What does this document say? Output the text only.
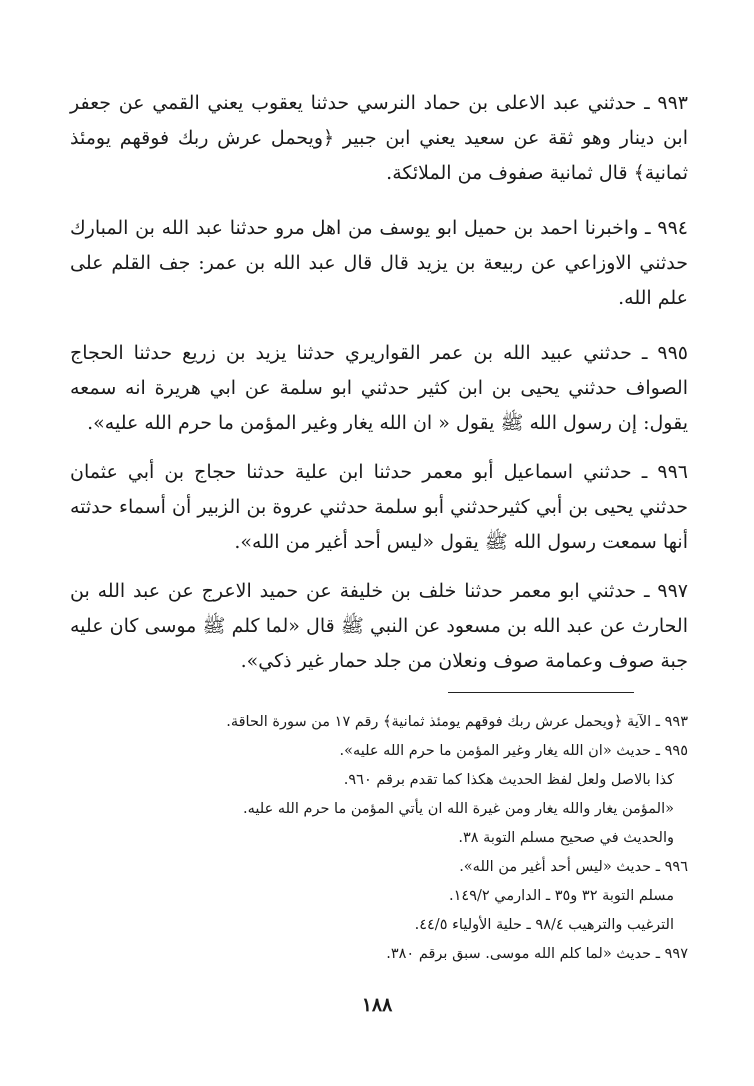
٩٩٣ ـ حدثني عبد الاعلى بن حماد النرسي حدثنا يعقوب يعني القمي عن جعفر ابن دينار وهو ثقة عن سعيد يعني ابن جبير ﴿ويحمل عرش ربك فوقهم يومئذ ثمانية﴾ قال ثمانية صفوف من الملائكة.

٩٩٤ ـ واخبرنا احمد بن حميل ابو يوسف من اهل مرو حدثنا عبد الله بن المبارك حدثني الاوزاعي عن ربيعة بن يزيد قال قال عبد الله بن عمر: جف القلم على علم الله.

٩٩٥ ـ حدثني عبيد الله بن عمر القواريري حدثنا يزيد بن زريع حدثنا الحجاج الصواف حدثني يحيى بن ابن كثير حدثني ابو سلمة عن ابي هريرة انه سمعه يقول: إن رسول الله ﷺ يقول « ان الله يغار وغير المؤمن ما حرم الله عليه».

٩٩٦ ـ حدثني اسماعيل أبو معمر حدثنا ابن علية حدثنا حجاج بن أبي عثمان حدثني يحيى بن أبي كثيرحدثني أبو سلمة حدثني عروة بن الزبير أن أسماء حدثته أنها سمعت رسول الله ﷺ يقول «ليس أحد أغير من الله».

٩٩٧ ـ حدثني ابو معمر حدثنا خلف بن خليفة عن حميد الاعرج عن عبد الله بن الحارث عن عبد الله بن مسعود عن النبي ﷺ قال «لما كلم ﷺ موسى كان عليه جبة صوف وعمامة صوف ونعلان من جلد حمار غير ذكي».

٩٩٣ ـ الآية ﴿ويحمل عرش ربك فوقهم يومئذ ثمانية﴾ رقم ١٧ من سورة الحاقة.

٩٩٥ ـ حديث «ان الله يغار وغير المؤمن ما حرم الله عليه».

كذا بالاصل ولعل لفظ الحديث هكذا كما تقدم برقم ٩٦٠.

«المؤمن يغار والله يغار ومن غيرة الله ان يأتي المؤمن ما حرم الله عليه.

والحديث في صحيح مسلم التوبة ٣٨.

٩٩٦ ـ حديث «ليس أحد أغير من الله».

مسلم التوبة ٣٢ و٣٥ ـ الدارمي ١٤٩/٢.

الترغيب والترهيب ٩٨/٤ ـ حلية الأولياء ٤٤/٥.

٩٩٧ ـ حديث «لما كلم الله موسى. سبق برقم ٣٨٠.

١٨٨
